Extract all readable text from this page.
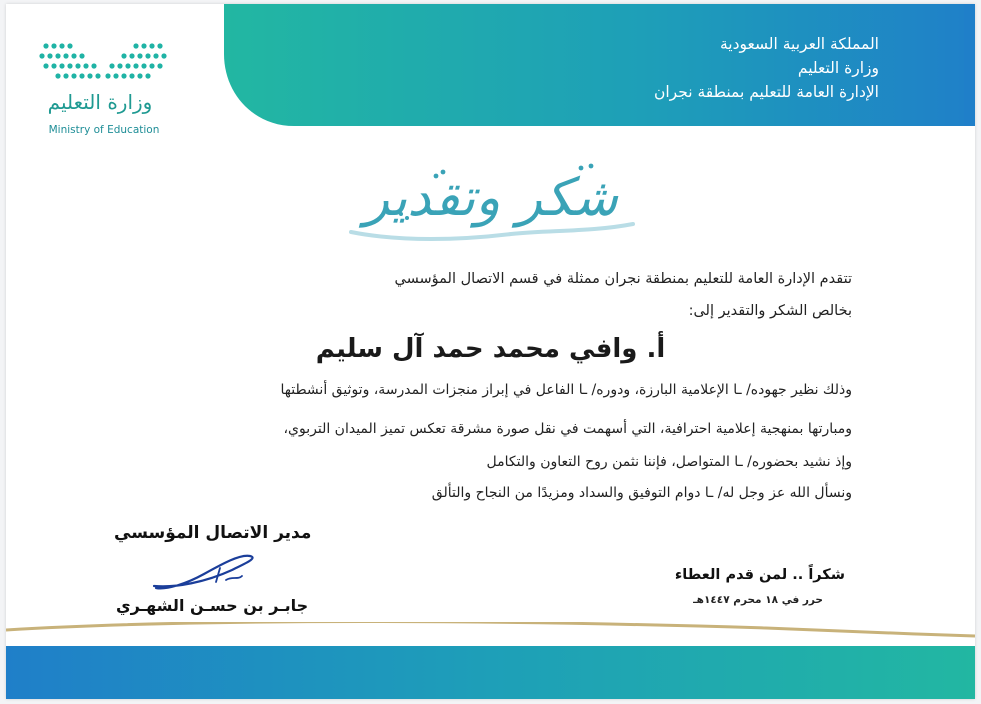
المملكة العربية السعودية
وزارة التعليم
الإدارة العامة للتعليم بمنطقة نجران
وزارة التعليم
Ministry of Education
شكر وتقدير
تتقدم الإدارة العامة للتعليم بمنطقة نجران ممثلة في قسم الاتصال المؤسسي
بخالص الشكر والتقدير إلى:
أ. وافي محمد حمد آل سليم
وذلك نظير جهوده/ ـا الإعلامية البارزة، ودوره/ ـا الفاعل في إبراز منجزات المدرسة، وتوثيق أنشطتها
ومبارتها بمنهجية إعلامية احترافية، التي أسهمت في نقل صورة مشرقة تعكس تميز الميدان التربوي،
وإذ نشيد بحضوره/ ـا المتواصل، فإننا نثمن روح التعاون والتكامل
ونسأل الله عز وجل له/ ـا دوام التوفيق والسداد ومزيدًا من النجاح والتألق
مدير الاتصال المؤسسي
جابـر بن حسـن الشهـري
شكراً .. لمن قدم العطاء
حرر في ١٨ محرم ١٤٤٧هـ
